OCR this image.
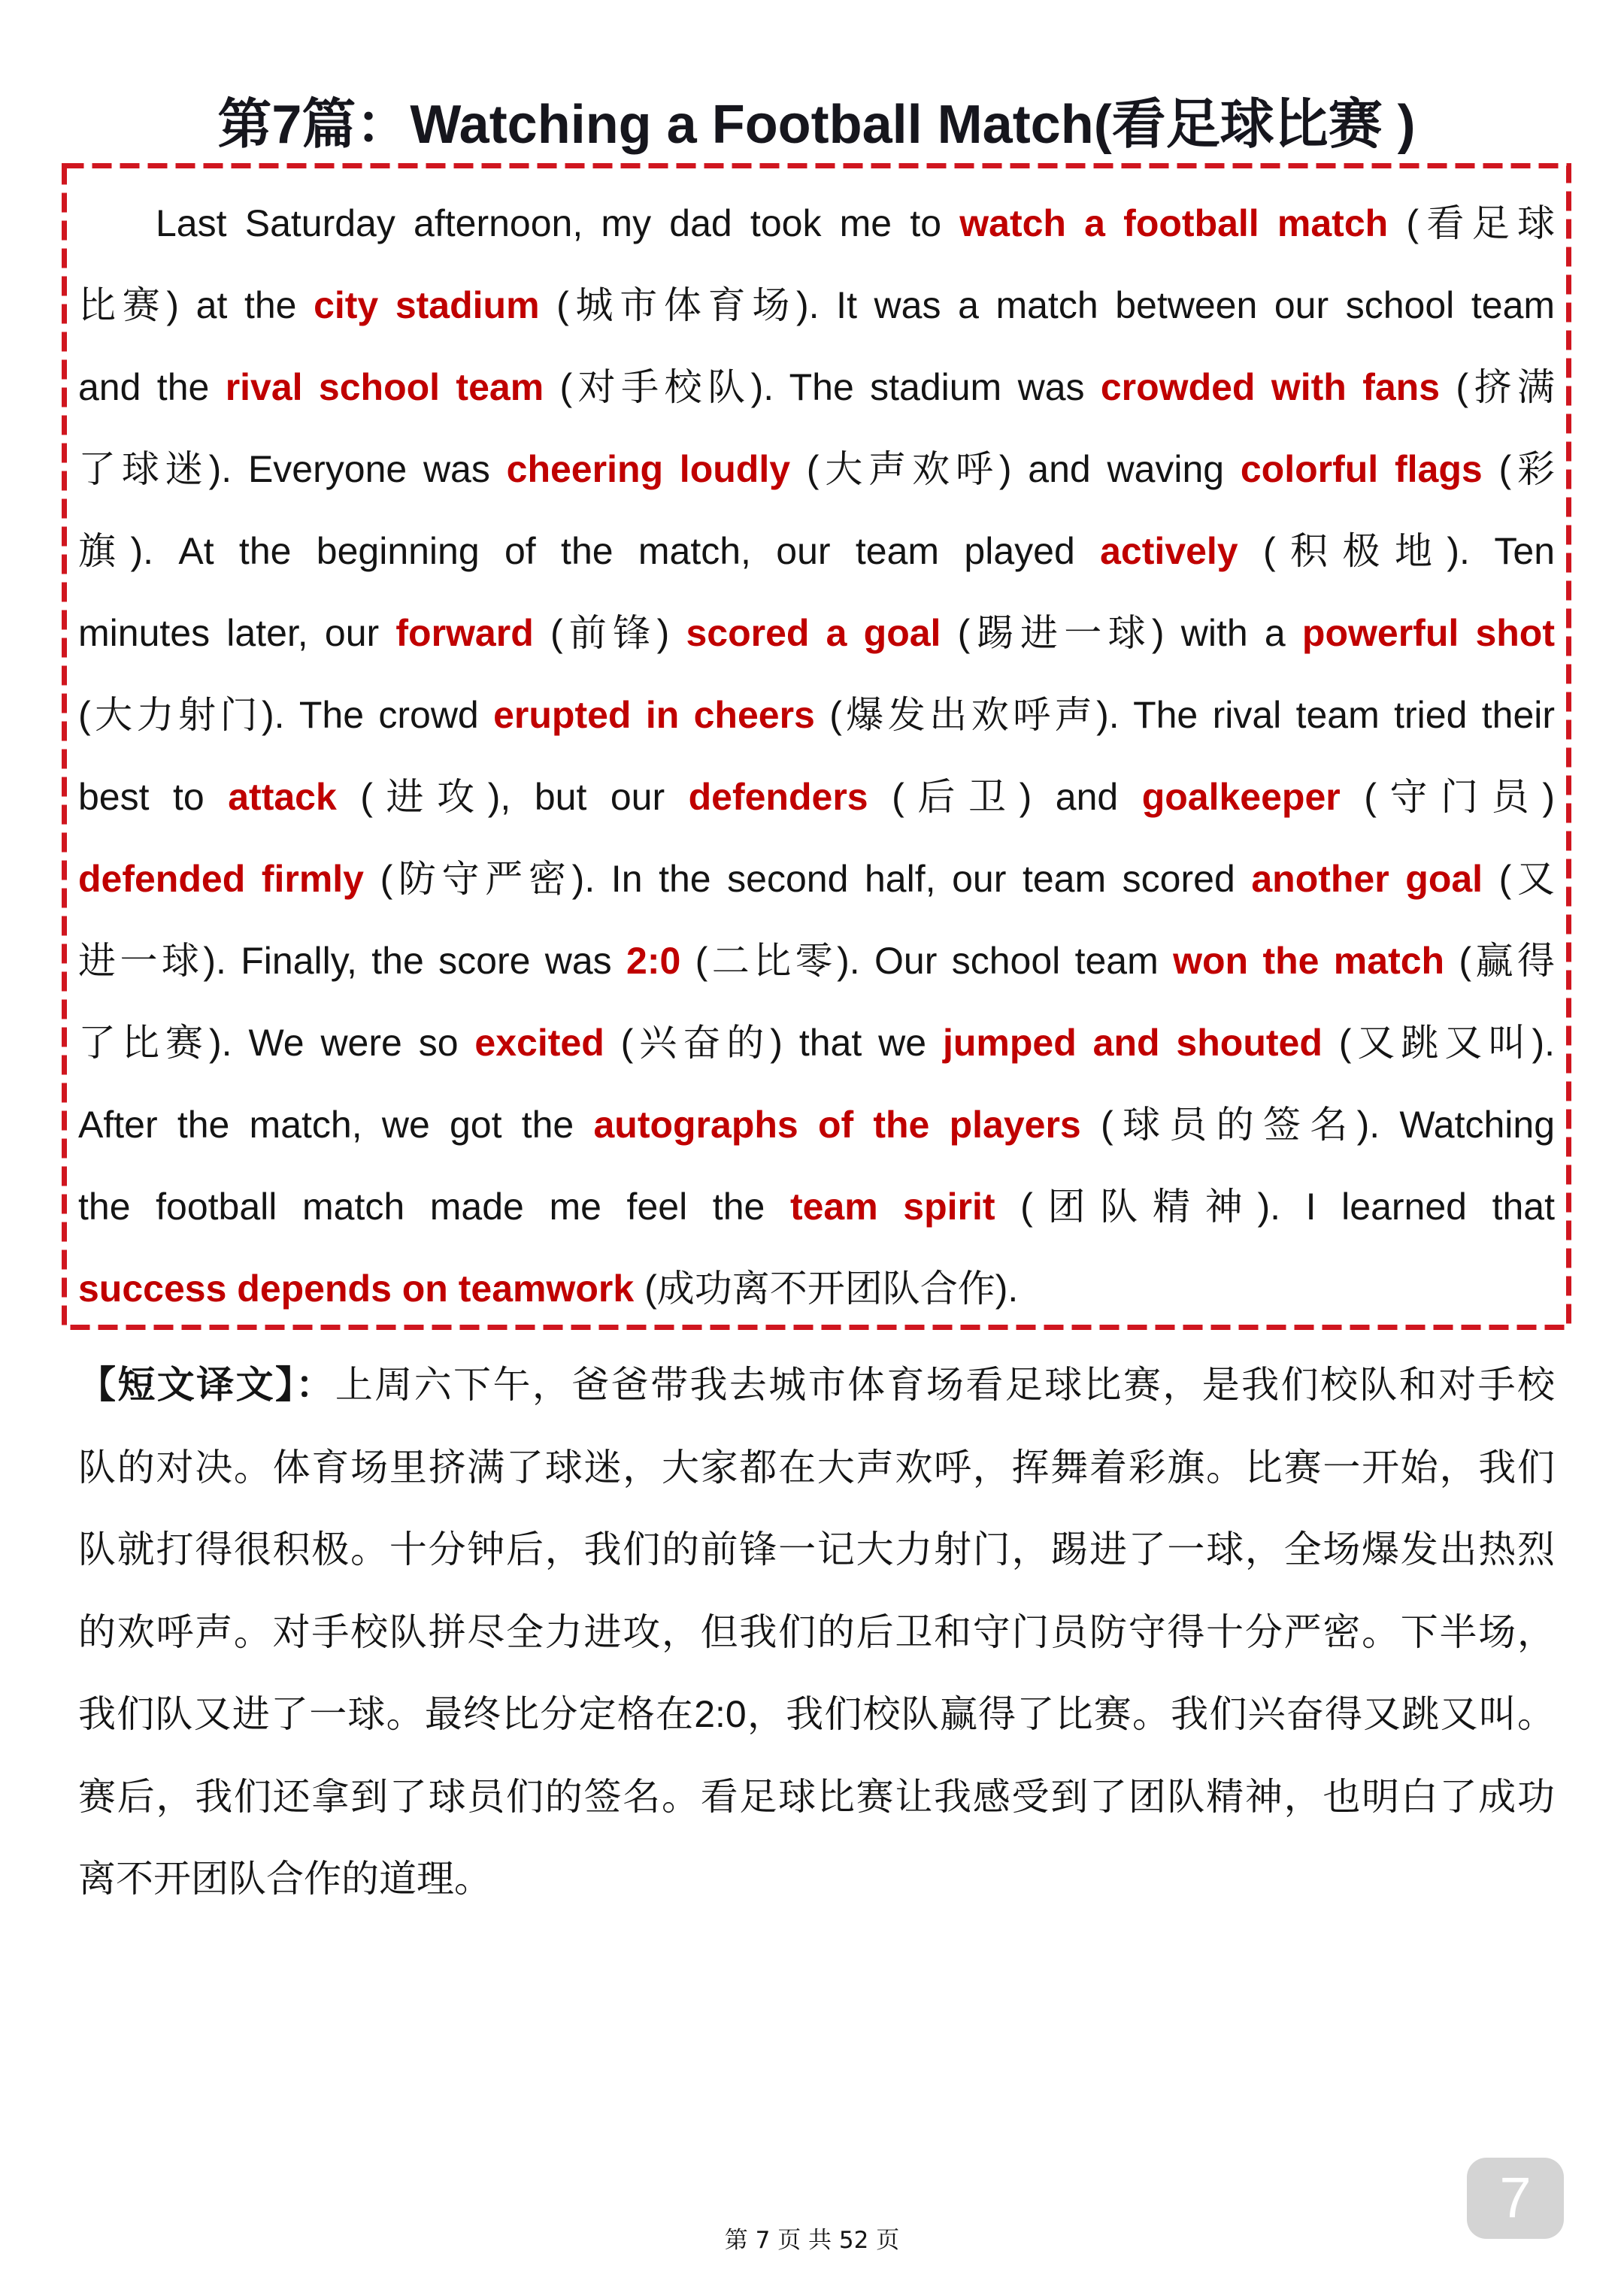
第7篇：Watching a Football Match(看足球比赛 )
Last Saturday afternoon, my dad took me to watch a football match (看足球
比赛) at the city stadium (城市体育场). It was a match between our school team
and the rival school team (对手校队). The stadium was crowded with fans (挤满
了球迷). Everyone was cheering loudly (大声欢呼) and waving colorful flags (彩
旗). At the beginning of the match, our team played actively (积极地). Ten
minutes later, our forward (前锋) scored a goal (踢进一球) with a powerful shot
(大力射门). The crowd erupted in cheers (爆发出欢呼声). The rival team tried their
best to attack (进攻), but our defenders (后卫) and goalkeeper (守门员)
defended firmly (防守严密). In the second half, our team scored another goal (又
进一球). Finally, the score was 2:0 (二比零). Our school team won the match (赢得
了比赛). We were so excited (兴奋的) that we jumped and shouted (又跳又叫).
After the match, we got the autographs of the players (球员的签名). Watching
the football match made me feel the team spirit (团队精神). I learned that
success depends on teamwork (成功离不开团队合作).
【短文译文】：上周六下午，爸爸带我去城市体育场看足球比赛，是我们校队和对手校
队的对决。体育场里挤满了球迷，大家都在大声欢呼，挥舞着彩旗。比赛一开始，我们
队就打得很积极。十分钟后，我们的前锋一记大力射门，踢进了一球，全场爆发出热烈
的欢呼声。对手校队拼尽全力进攻，但我们的后卫和守门员防守得十分严密。下半场，
我们队又进了一球。最终比分定格在2:0，我们校队赢得了比赛。我们兴奋得又跳又叫。
赛后，我们还拿到了球员们的签名。看足球比赛让我感受到了团队精神，也明白了成功
离不开团队合作的道理。
7
第 7 页 共 52 页
